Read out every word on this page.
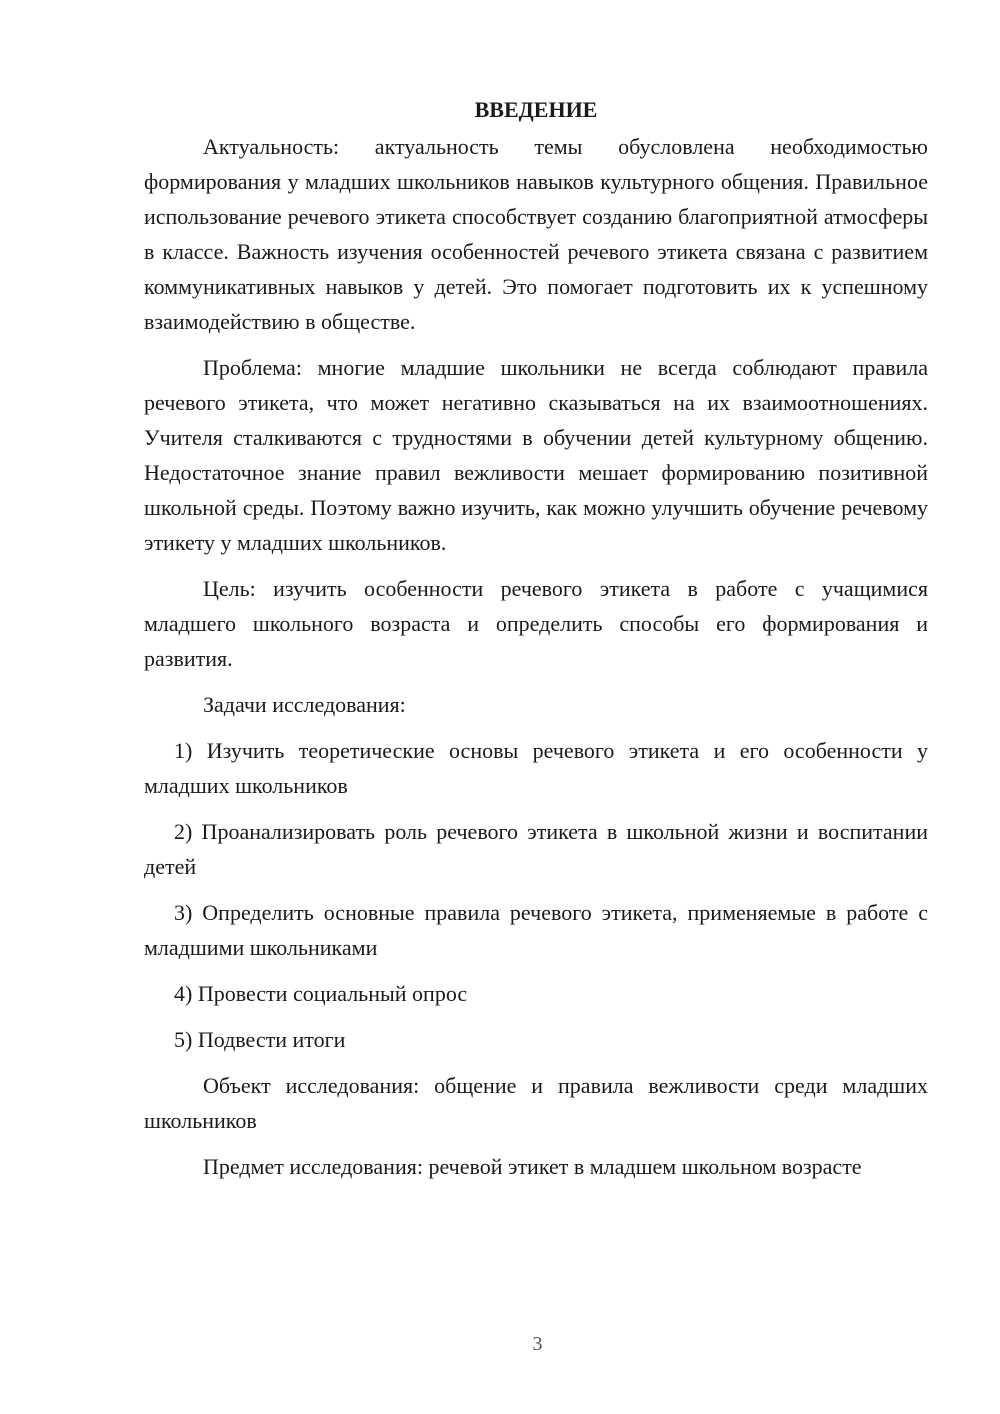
ВВЕДЕНИЕ

Актуальность: актуальность темы обусловлена необходимостью формирования у младших школьников навыков культурного общения. Правильное использование речевого этикета способствует созданию благоприятной атмосферы в классе. Важность изучения особенностей речевого этикета связана с развитием коммуникативных навыков у детей. Это помогает подготовить их к успешному взаимодействию в обществе.

Проблема: многие младшие школьники не всегда соблюдают правила речевого этикета, что может негативно сказываться на их взаимоотношениях. Учителя сталкиваются с трудностями в обучении детей культурному общению. Недостаточное знание правил вежливости мешает формированию позитивной школьной среды. Поэтому важно изучить, как можно улучшить обучение речевому этикету у младших школьников.

Цель: изучить особенности речевого этикета в работе с учащимися младшего школьного возраста и определить способы его формирования и развития.

Задачи исследования:

1) Изучить теоретические основы речевого этикета и его особенности у младших школьников

2) Проанализировать роль речевого этикета в школьной жизни и воспитании детей

3) Определить основные правила речевого этикета, применяемые в работе с младшими школьниками

4) Провести социальный опрос

5) Подвести итоги

Объект исследования: общение и правила вежливости среди младших школьников

Предмет исследования: речевой этикет в младшем школьном возрасте

3
